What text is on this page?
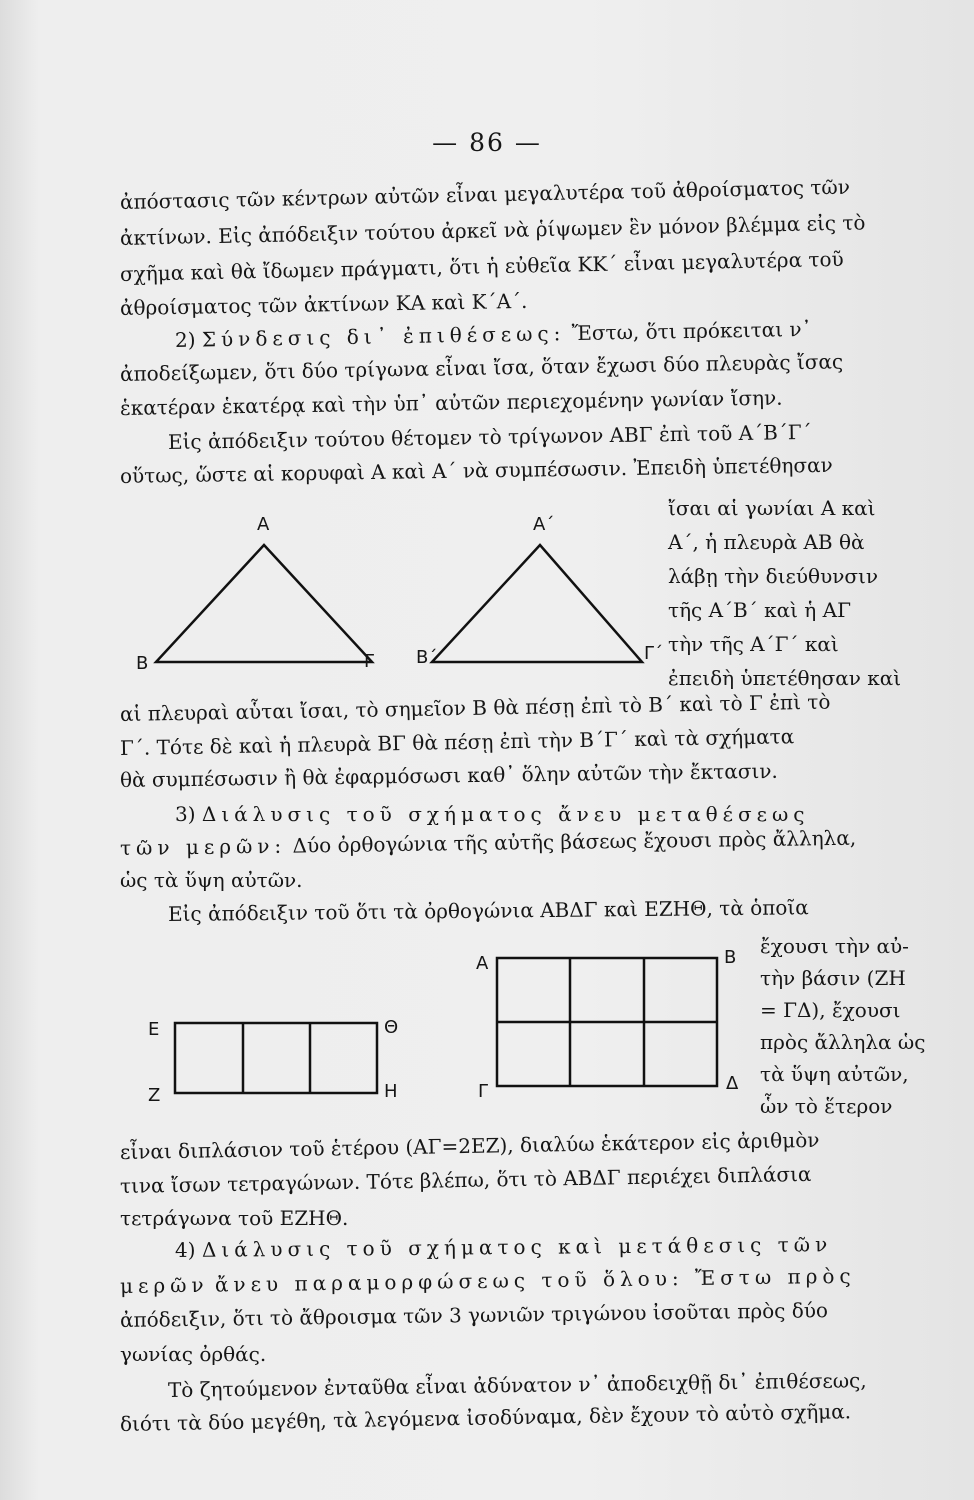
— 86 —
ἀπόστασις τῶν κέντρων αὐτῶν εἶναι μεγαλυτέρα τοῦ ἀθροίσματος τῶν
ἀκτίνων. Εἰς ἀπόδειξιν τούτου ἀρκεῖ νὰ ῥίψωμεν ἓν μόνον βλέμμα εἰς τὸ
σχῆμα καὶ θὰ ἴδωμεν πράγματι, ὅτι ἡ εὐθεῖα ΚΚ΄ εἶναι μεγαλυτέρα τοῦ
ἀθροίσματος τῶν ἀκτίνων ΚΑ καὶ Κ΄Α΄.
2) Σύνδεσις δι᾽ ἐπιθέσεως: Ἔστω, ὅτι πρόκειται ν᾽
ἀποδείξωμεν, ὅτι δύο τρίγωνα εἶναι ἴσα, ὅταν ἔχωσι δύο πλευρὰς ἴσας
ἑκατέραν ἑκατέρᾳ καὶ τὴν ὑπ᾽ αὐτῶν περιεχομένην γωνίαν ἴσην.
Εἰς ἀπόδειξιν τούτου θέτομεν τὸ τρίγωνον ΑΒΓ ἐπὶ τοῦ Α΄Β΄Γ΄
οὕτως, ὥστε αἱ κορυφαὶ Α καὶ Α΄ νὰ συμπέσωσιν. Ἐπειδὴ ὑπετέθησαν
ἴσαι αἱ γωνίαι Α καὶ
Α΄, ἡ πλευρὰ ΑΒ θὰ
λάβῃ τὴν διεύθυνσιν
τῆς Α΄Β΄ καὶ ἡ ΑΓ
τὴν τῆς Α΄Γ΄ καὶ
ἐπειδὴ ὑπετέθησαν καὶ
Α
Β	Γ
Α΄
Β΄	Γ΄
αἱ πλευραὶ αὗται ἴσαι, τὸ σημεῖον Β θὰ πέσῃ ἐπὶ τὸ Β΄ καὶ τὸ Γ ἐπὶ τὸ
Γ΄. Τότε δὲ καὶ ἡ πλευρὰ ΒΓ θὰ πέσῃ ἐπὶ τὴν Β΄Γ΄ καὶ τὰ σχήματα
θὰ συμπέσωσιν ἢ θὰ ἐφαρμόσωσι καθ᾽ ὅλην αὐτῶν τὴν ἔκτασιν.
3) Διάλυσις τοῦ σχήματος ἄνευ μεταθέσεως
τῶν μερῶν: Δύο ὀρθογώνια τῆς αὐτῆς βάσεως ἔχουσι πρὸς ἄλληλα,
ὡς τὰ ὕψη αὐτῶν.
Εἰς ἀπόδειξιν τοῦ ὅτι τὰ ὀρθογώνια ΑΒΔΓ καὶ ΕΖΗΘ, τὰ ὁποῖα
ἔχουσι τὴν αὐ-
τὴν βάσιν (ΖΗ
= ΓΔ), ἔχουσι
πρὸς ἄλληλα ὡς
τὰ ὕψη αὐτῶν,
ὧν τὸ ἕτερον
Α	Β
Γ	Δ
Ε	Θ
Ζ	Η
εἶναι διπλάσιον τοῦ ἑτέρου (ΑΓ=2ΕΖ), διαλύω ἑκάτερον εἰς ἀριθμὸν
τινα ἴσων τετραγώνων. Τότε βλέπω, ὅτι τὸ ΑΒΔΓ περιέχει διπλάσια
τετράγωνα τοῦ ΕΖΗΘ.
4) Διάλυσις τοῦ σχήματος καὶ μετάθεσις τῶν
μερῶν ἄνευ παραμορφώσεως τοῦ ὅλου: Ἔστω πρὸς
ἀπόδειξιν, ὅτι τὸ ἄθροισμα τῶν 3 γωνιῶν τριγώνου ἰσοῦται πρὸς δύο
γωνίας ὀρθάς.
Τὸ ζητούμενον ἐνταῦθα εἶναι ἀδύνατον ν᾽ ἀποδειχθῇ δι᾽ ἐπιθέσεως,
διότι τὰ δύο μεγέθη, τὰ λεγόμενα ἰσοδύναμα, δὲν ἔχουν τὸ αὐτὸ σχῆμα.
